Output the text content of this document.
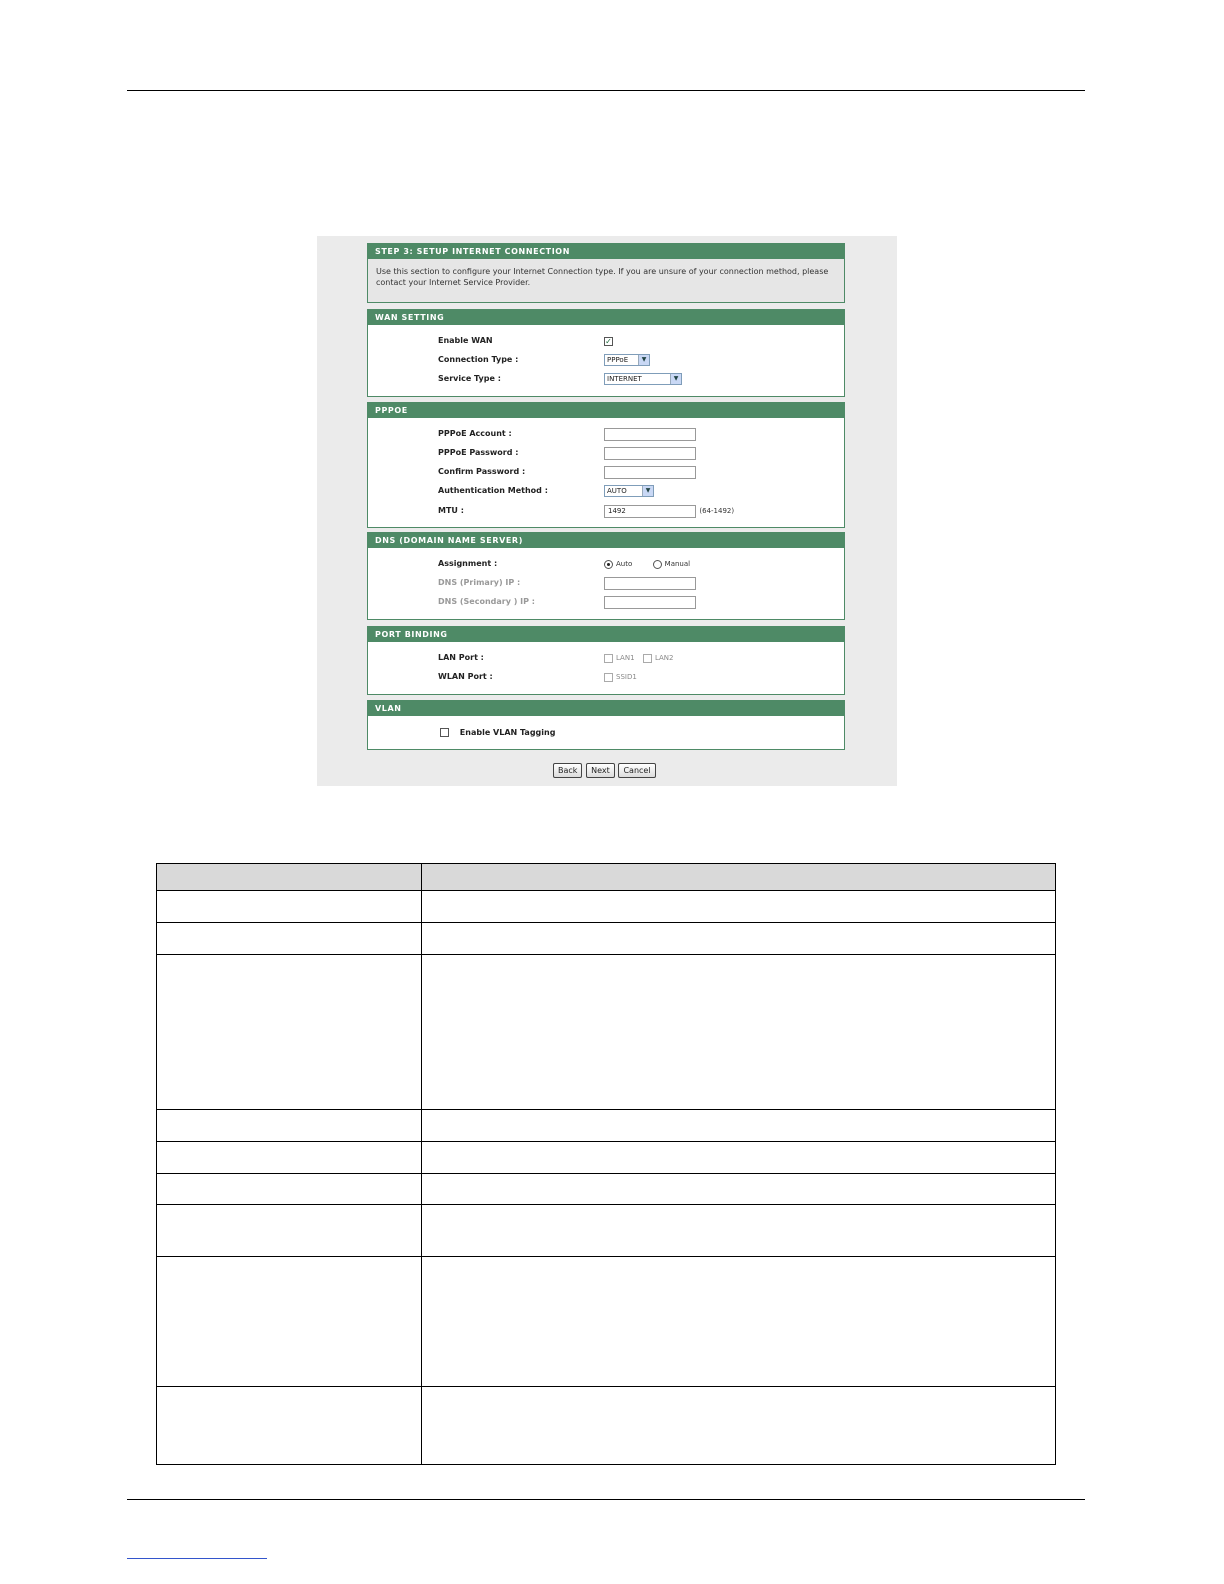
STEP 3: SETUP INTERNET CONNECTION
Use this section to configure your Internet Connection type. If you are unsure of your connection method, please contact your Internet Service Provider.
WAN SETTING
Enable WAN	✓
Connection Type :	PPPoE	▼
Service Type :	INTERNET	▼
PPPOE
PPPoE Account :
PPPoE Password :
Confirm Password :
Authentication Method :	AUTO	▼
MTU :	1492	(64-1492)
DNS (DOMAIN NAME SERVER)
Assignment :	Auto	Manual
DNS (Primary) IP :
DNS (Secondary ) IP :
PORT BINDING
LAN Port :	LAN1	LAN2
WLAN Port :	SSID1
VLAN
Enable VLAN Tagging
Back Next Cancel
